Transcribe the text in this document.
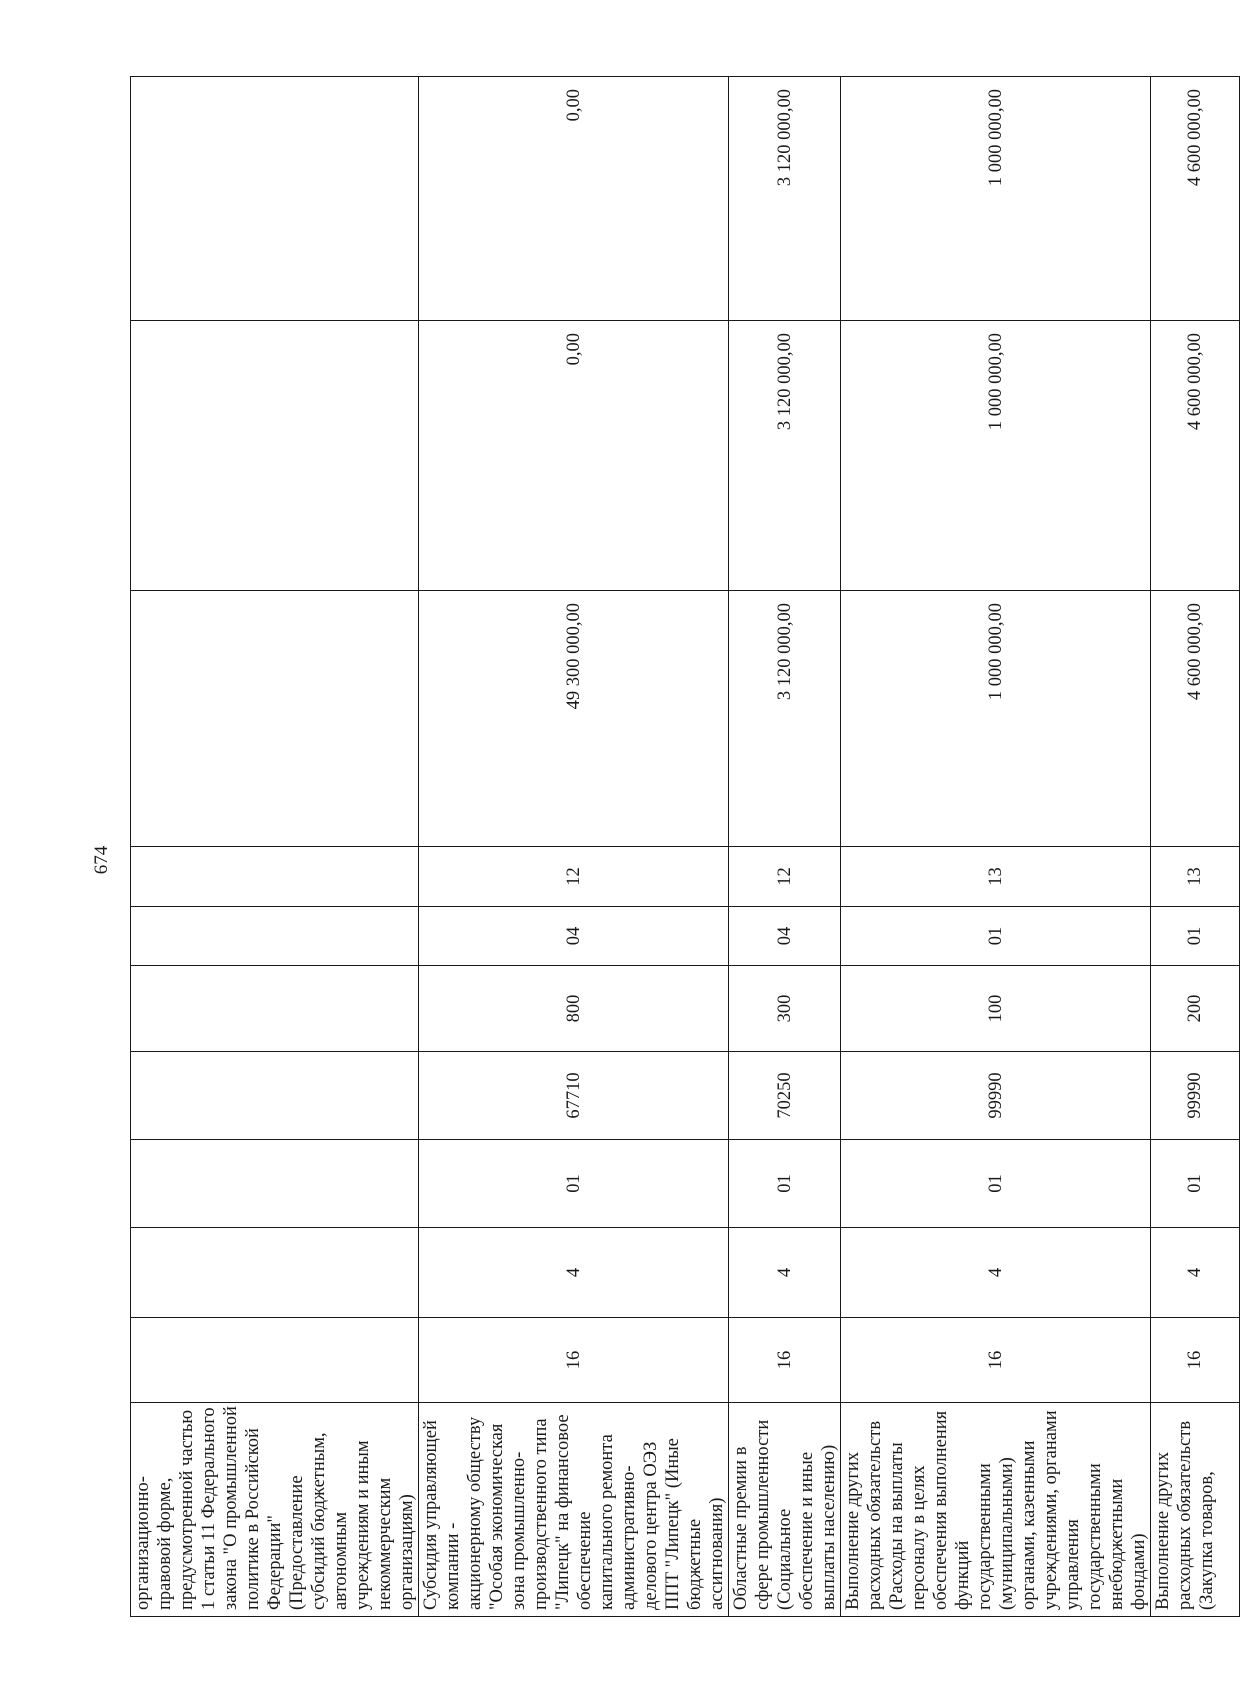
674
организационно-правовой форме, предусмотренной частью 1 статьи 11 Федерального закона "О промышленной политике в Российской Федерации" (Предоставление субсидий бюджетным, автономным учреждениям и иным некоммерческим организациям)										
Субсидия управляющей компании - акционерному обществу "Особая экономическая зона промышленно-производственного типа "Липецк" на финансовое обеспечение капитального ремонта административно-делового центра ОЭЗ ППТ "Липецк" (Иные бюджетные ассигнования)	16	4	01	67710	800	04	12	49 300 000,00	0,00	0,00
Областные премии в сфере промышленности (Социальное обеспечение и иные выплаты населению)	16	4	01	70250	300	04	12	3 120 000,00	3 120 000,00	3 120 000,00
Выполнение других расходных обязательств (Расходы на выплаты персоналу в целях обеспечения выполнения функций государственными (муниципальными) органами, казенными учреждениями, органами управления государственными внебюджетными фондами)	16	4	01	99990	100	01	13	1 000 000,00	1 000 000,00	1 000 000,00
Выполнение других расходных обязательств (Закупка товаров,	16	4	01	99990	200	01	13	4 600 000,00	4 600 000,00	4 600 000,00
